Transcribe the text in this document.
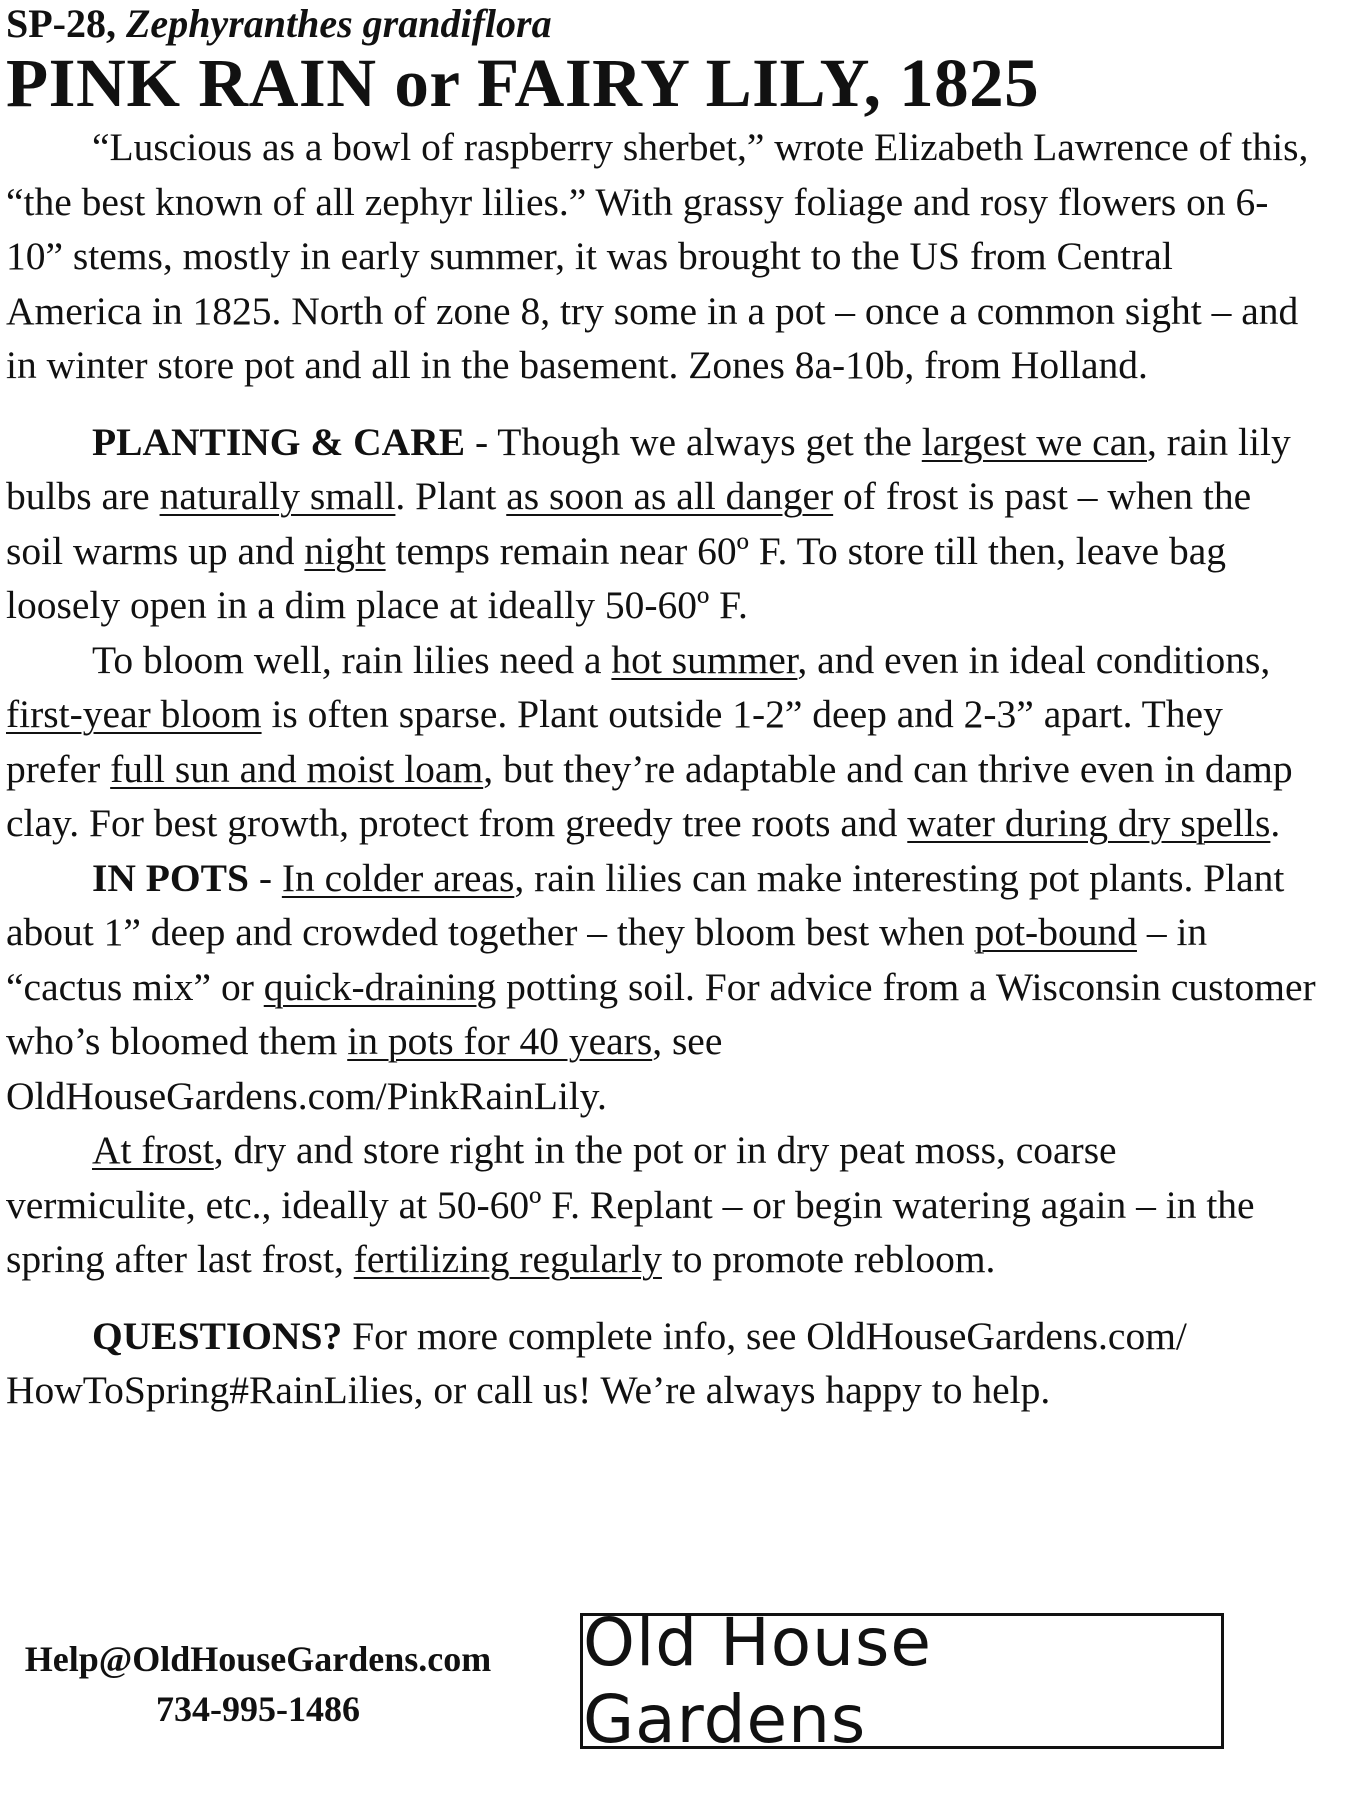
SP-28, Zephyranthes grandiflora
PINK RAIN or FAIRY LILY, 1825

“Luscious as a bowl of raspberry sherbet,” wrote Elizabeth Lawrence of this, “the best known of all zephyr lilies.” With grassy foliage and rosy flowers on 6-10” stems, mostly in early summer, it was brought to the US from Central America in 1825. North of zone 8, try some in a pot – once a common sight – and in winter store pot and all in the basement. Zones 8a-10b, from Holland.

PLANTING & CARE - Though we always get the largest we can, rain lily bulbs are naturally small. Plant as soon as all danger of frost is past – when the soil warms up and night temps remain near 60º F. To store till then, leave bag loosely open in a dim place at ideally 50-60º F.

To bloom well, rain lilies need a hot summer, and even in ideal conditions, first-year bloom is often sparse. Plant outside 1-2” deep and 2-3” apart. They prefer full sun and moist loam, but they’re adaptable and can thrive even in damp clay. For best growth, protect from greedy tree roots and water during dry spells.

IN POTS - In colder areas, rain lilies can make interesting pot plants. Plant about 1” deep and crowded together – they bloom best when pot-bound – in “cactus mix” or quick-draining potting soil. For advice from a Wisconsin customer who’s bloomed them in pots for 40 years, see OldHouseGardens.com/PinkRainLily.

At frost, dry and store right in the pot or in dry peat moss, coarse vermiculite, etc., ideally at 50-60º F. Replant – or begin watering again – in the spring after last frost, fertilizing regularly to promote rebloom.

QUESTIONS? For more complete info, see OldHouseGardens.com/ HowToSpring#RainLilies, or call us! We’re always happy to help.

Help@OldHouseGardens.com
734-995-1486
Old House Gardens
